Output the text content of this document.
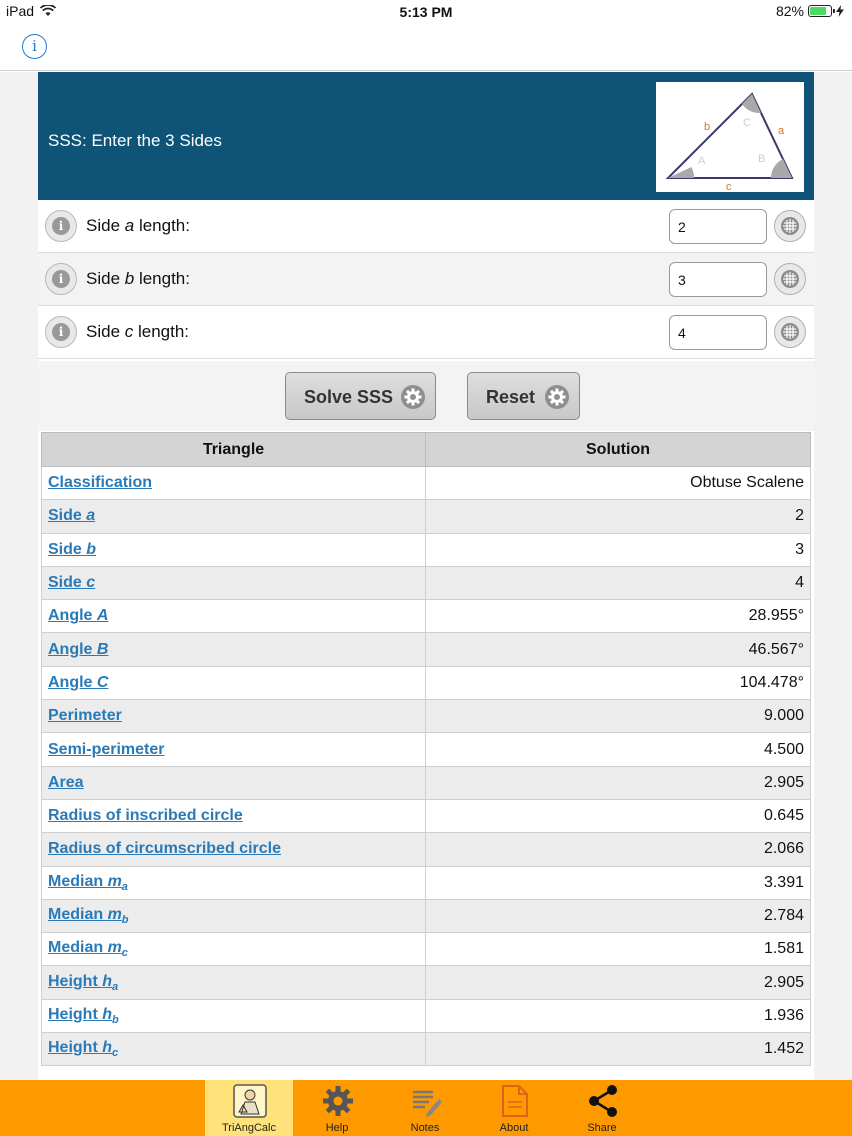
iPad	5:13 PM	82%
i
SSS: Enter the 3 Sides
b	a
c
A	B
C
i	Side a length:
2
i	Side b length:
3
i	Side c length:
4
Solve SSS	Reset
Triangle	Solution
Classification	Obtuse Scalene
Side a	2
Side b	3
Side c	4
Angle A	28.955°
Angle B	46.567°
Angle C	104.478°
Perimeter	9.000
Semi-perimeter	4.500
Area	2.905
Radius of inscribed circle	0.645
Radius of circumscribed circle	2.066
Median $m_a$	3.391
Median $m_b$	2.784
Median $m_c$	1.581
Height $h_a$	2.905
Height $h_b$	1.936
Height $h_c$	1.452
TriAngCalc	Help	Notes	About	Share
